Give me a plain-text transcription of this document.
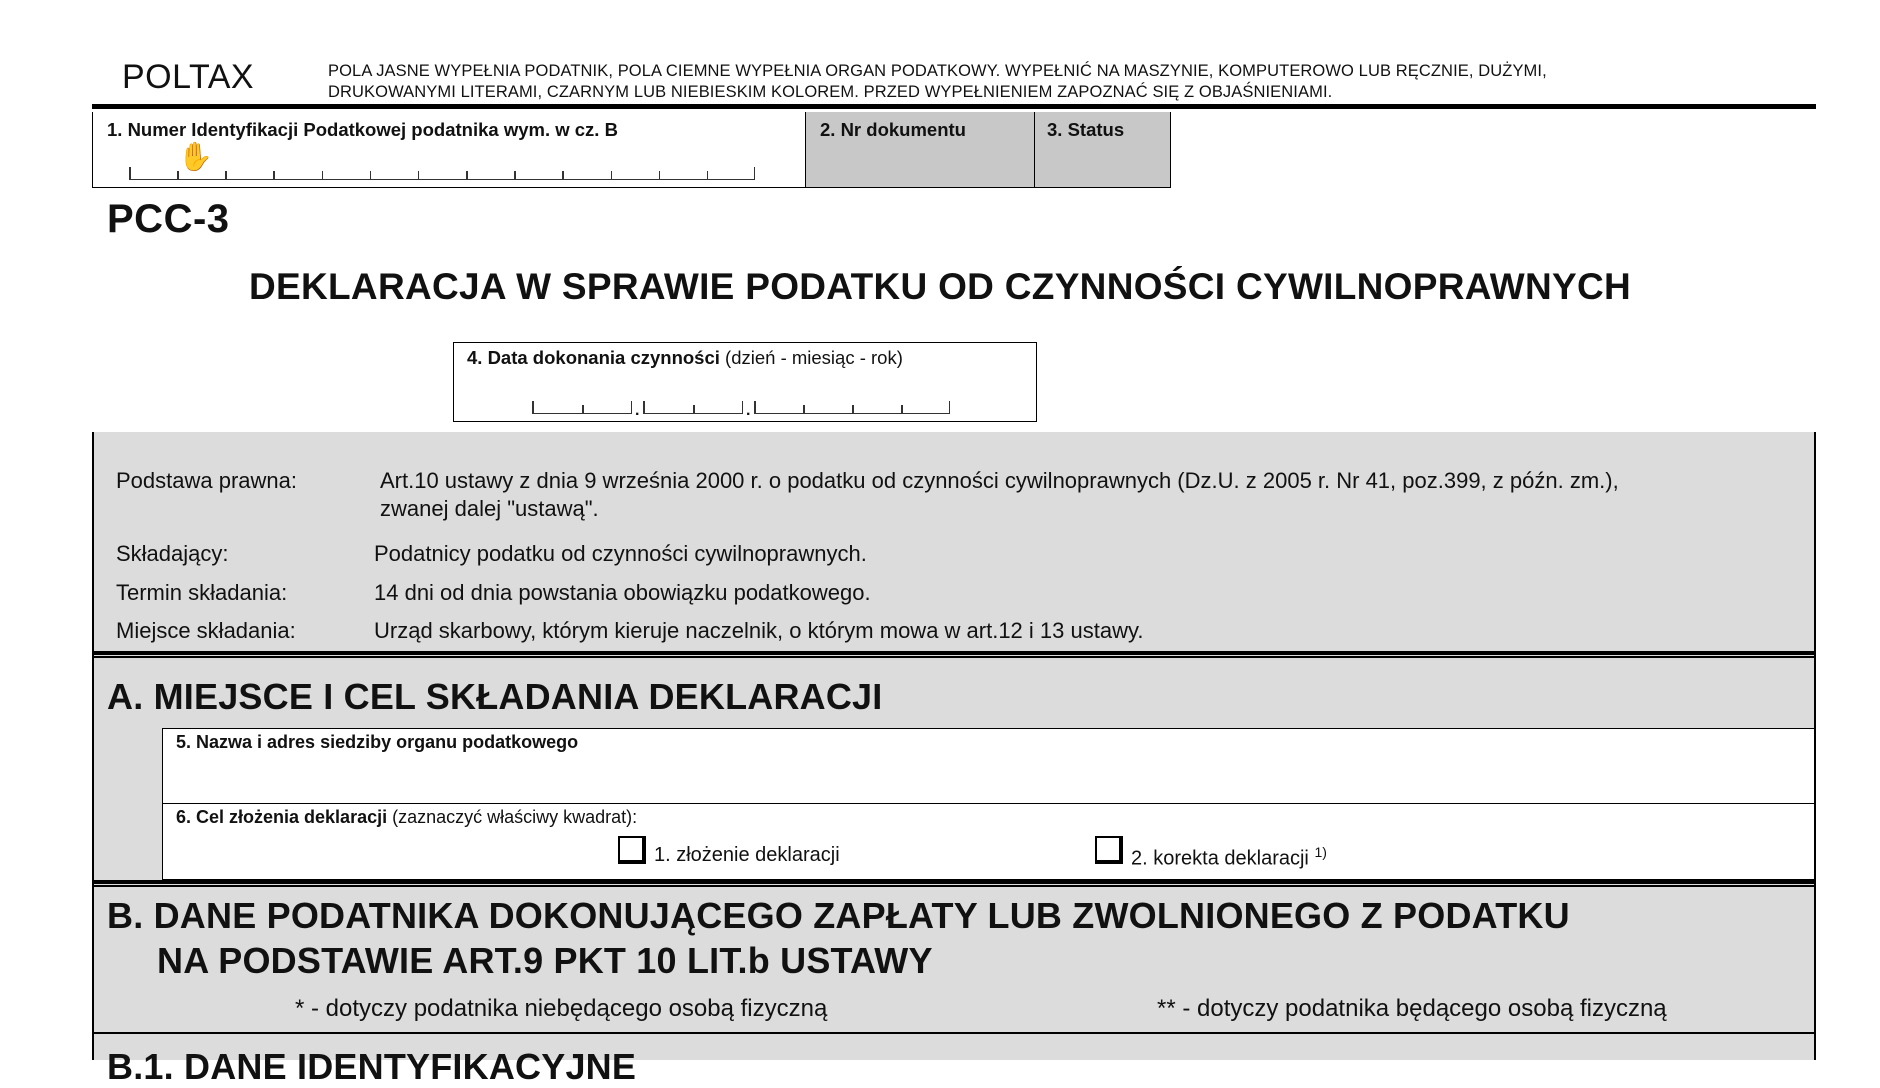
POLTAX	POLA JASNE WYPEŁNIA PODATNIK, POLA CIEMNE WYPEŁNIA ORGAN PODATKOWY. WYPEŁNIĆ NA MASZYNIE, KOMPUTEROWO LUB RĘCZNIE, DUŻYMI,
DRUKOWANYMI LITERAMI, CZARNYM LUB NIEBIESKIM KOLOREM. PRZED WYPEŁNIENIEM ZAPOZNAĆ SIĘ Z OBJAŚNIENIAMI.
1. Numer Identyfikacji Podatkowej podatnika wym. w cz. B
✋
2. Nr dokumentu	3. Status
PCC-3
DEKLARACJA W SPRAWIE PODATKU OD CZYNNOŚCI CYWILNOPRAWNYCH
4. Data dokonania czynności (dzień - miesiąc - rok)
.	.
Podstawa prawna:	Art.10 ustawy z dnia 9 września 2000 r. o podatku od czynności cywilnoprawnych (Dz.U. z 2005 r. Nr 41, poz.399, z późn. zm.),
zwanej dalej "ustawą".
Składający:	Podatnicy podatku od czynności cywilnoprawnych.
Termin składania:	14 dni od dnia powstania obowiązku podatkowego.
Miejsce składania:	Urząd skarbowy, którym kieruje naczelnik, o którym mowa w art.12 i 13 ustawy.
A. MIEJSCE I CEL SKŁADANIA DEKLARACJI
5. Nazwa i adres siedziby organu podatkowego
6. Cel złożenia deklaracji (zaznaczyć właściwy kwadrat):
1. złożenie deklaracji	2. korekta deklaracji $^{1)}$
B. DANE PODATNIKA DOKONUJĄCEGO ZAPŁATY LUB ZWOLNIONEGO Z PODATKU
NA PODSTAWIE ART.9 PKT 10 LIT.b USTAWY
* - dotyczy podatnika niebędącego osobą fizyczną	** - dotyczy podatnika będącego osobą fizyczną
B.1. DANE IDENTYFIKACYJNE
